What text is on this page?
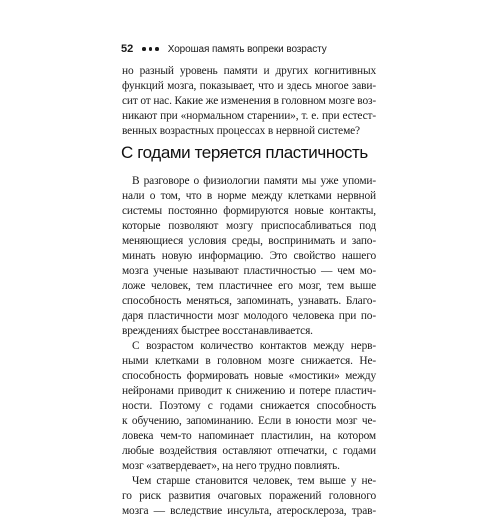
52	Хорошая память вопреки возрасту
но разный уровень памяти и других когнитивных
функций мозга, показывает, что и здесь многое зави-
сит от нас. Какие же изменения в головном мозге воз-
никают при «нормальном старении», т. е. при естест-
венных возрастных процессах в нервной системе?
С годами теряется пластичность
В разговоре о физиологии памяти мы уже упоми-
нали о том, что в норме между клетками нервной
системы постоянно формируются новые контакты,
которые позволяют мозгу приспосабливаться под
меняющиеся условия среды, воспринимать и запо-
минать новую информацию. Это свойство нашего
мозга ученые называют пластичностью — чем мо-
ложе человек, тем пластичнее его мозг, тем выше
способность меняться, запоминать, узнавать. Благо-
даря пластичности мозг молодого человека при по-
вреждениях быстрее восстанавливается.
С возрастом количество контактов между нерв-
ными клетками в головном мозге снижается. Не-
способность формировать новые «мостики» между
нейронами приводит к снижению и потере пластич-
ности. Поэтому с годами снижается способность
к обучению, запоминанию. Если в юности мозг че-
ловека чем-то напоминает пластилин, на котором
любые воздействия оставляют отпечатки, с годами
мозг «затвердевает», на него трудно повлиять.
Чем старше становится человек, тем выше у не-
го риск развития очаговых поражений головного
мозга — вследствие инсульта, атеросклероза, трав-
